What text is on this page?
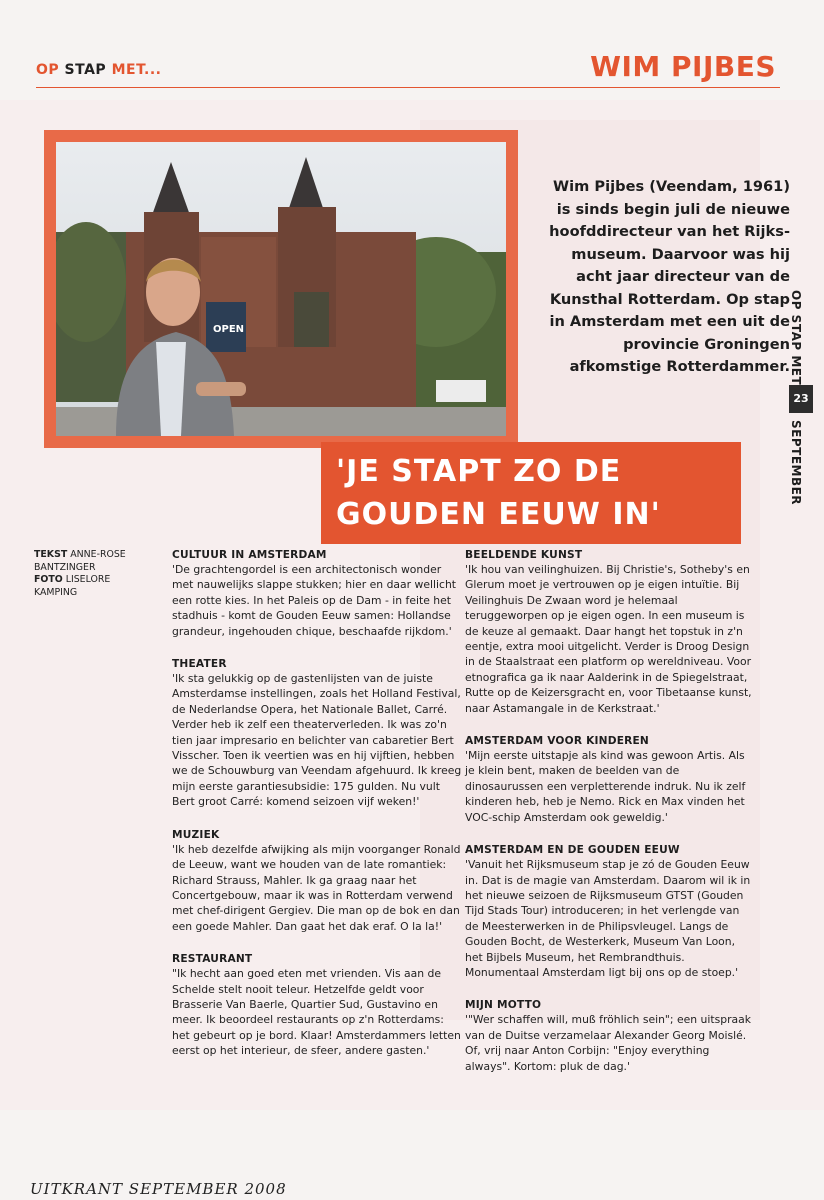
OP STAP MET...	WIM PIJBES
OPEN
Wim Pijbes (Veendam, 1961) is sinds begin juli de nieuwe hoofddirecteur van het Rijks-museum. Daarvoor was hij acht jaar directeur van de Kunsthal Rotterdam. Op stap in Amsterdam met een uit de provincie Groningen afkomstige Rotterdammer.
'JE STAPT ZO DE
GOUDEN EEUW IN'
OP STAP MET
23
SEPTEMBER
TEKST ANNE-ROSE BANTZINGER
FOTO LISELORE KAMPING
CULTUUR IN AMSTERDAM

'De grachtengordel is een architectonisch wonder met nauwelijks slappe stukken; hier en daar wellicht een rotte kies. In het Paleis op de Dam - in feite het stadhuis - komt de Gouden Eeuw samen: Hollandse grandeur, ingehouden chique, beschaafde rijkdom.'

THEATER

'Ik sta gelukkig op de gastenlijsten van de juiste Amsterdamse instellingen, zoals het Holland Festival, de Nederlandse Opera, het Nationale Ballet, Carré. Verder heb ik zelf een theaterverleden. Ik was zo'n tien jaar impresario en belichter van cabaretier Bert Visscher. Toen ik veertien was en hij vijftien, hebben we de Schouwburg van Veendam afgehuurd. Ik kreeg mijn eerste garantiesubsidie: 175 gulden. Nu vult Bert groot Carré: komend seizoen vijf weken!'

MUZIEK

'Ik heb dezelfde afwijking als mijn voorganger Ronald de Leeuw, want we houden van de late romantiek: Richard Strauss, Mahler. Ik ga graag naar het Concertgebouw, maar ik was in Rotterdam verwend met chef-dirigent Gergiev. Die man op de bok en dan een goede Mahler. Dan gaat het dak eraf. O la la!'

RESTAURANT

"Ik hecht aan goed eten met vrienden. Vis aan de Schelde stelt nooit teleur. Hetzelfde geldt voor Brasserie Van Baerle, Quartier Sud, Gustavino en meer. Ik beoordeel restaurants op z'n Rotterdams: het gebeurt op je bord. Klaar! Amsterdammers letten eerst op het interieur, de sfeer, andere gasten.'

BEELDENDE KUNST

'Ik hou van veilinghuizen. Bij Christie's, Sotheby's en Glerum moet je vertrouwen op je eigen intuïtie. Bij Veilinghuis De Zwaan word je helemaal teruggeworpen op je eigen ogen. In een museum is de keuze al gemaakt. Daar hangt het topstuk in z'n eentje, extra mooi uitgelicht. Verder is Droog Design in de Staalstraat een platform op wereldniveau. Voor etnografica ga ik naar Aalderink in de Spiegelstraat, Rutte op de Keizersgracht en, voor Tibetaanse kunst, naar Astamangale in de Kerkstraat.'

AMSTERDAM VOOR KINDEREN

'Mijn eerste uitstapje als kind was gewoon Artis. Als je klein bent, maken de beelden van de dinosaurussen een verpletterende indruk. Nu ik zelf kinderen heb, heb je Nemo. Rick en Max vinden het VOC-schip Amsterdam ook geweldig.'

AMSTERDAM EN DE GOUDEN EEUW

'Vanuit het Rijksmuseum stap je zó de Gouden Eeuw in. Dat is de magie van Amsterdam. Daarom wil ik in het nieuwe seizoen de Rijksmuseum GTST (Gouden Tijd Stads Tour) introduceren; in het verlengde van de Meesterwerken in de Philipsvleugel. Langs de Gouden Bocht, de Westerkerk, Museum Van Loon, het Bijbels Museum, het Rembrandthuis. Monumentaal Amsterdam ligt bij ons op de stoep.'

MIJN MOTTO

'"Wer schaffen will, muß fröhlich sein"; een uitspraak van de Duitse verzamelaar Alexander Georg Moislé. Of, vrij naar Anton Corbijn: "Enjoy everything always". Kortom: pluk de dag.'

UITKRANT SEPTEMBER 2008
